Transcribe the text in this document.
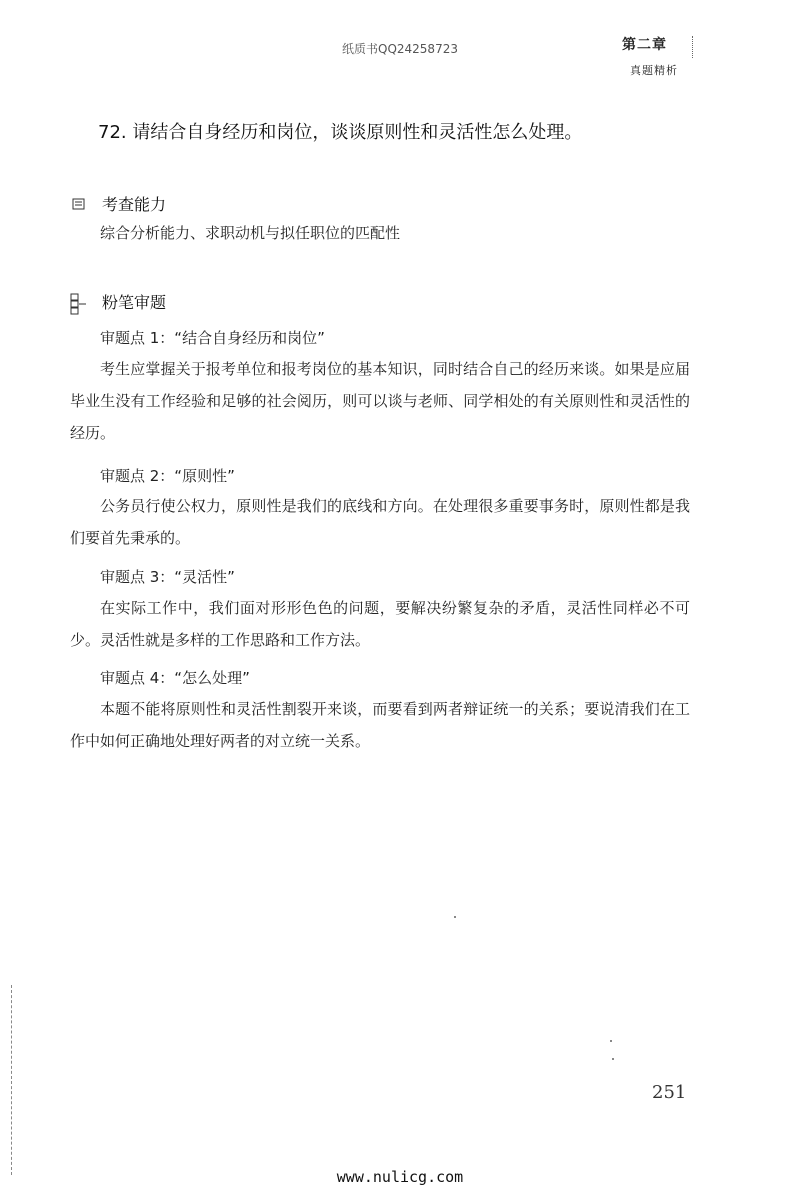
纸质书QQ24258723	第二章
真题精析
72. 请结合自身经历和岗位，谈谈原则性和灵活性怎么处理。
考查能力
综合分析能力、求职动机与拟任职位的匹配性
粉笔审题
审题点 1：“结合自身经历和岗位”
考生应掌握关于报考单位和报考岗位的基本知识，同时结合自己的经历来谈。如果是应届毕业生没有工作经验和足够的社会阅历，则可以谈与老师、同学相处的有关原则性和灵活性的经历。
审题点 2：“原则性”
公务员行使公权力，原则性是我们的底线和方向。在处理很多重要事务时，原则性都是我们要首先秉承的。
审题点 3：“灵活性”
在实际工作中，我们面对形形色色的问题，要解决纷繁复杂的矛盾，灵活性同样必不可少。灵活性就是多样的工作思路和工作方法。
审题点 4：“怎么处理”
本题不能将原则性和灵活性割裂开来谈，而要看到两者辩证统一的关系；要说清我们在工作中如何正确地处理好两者的对立统一关系。
251
www.nulicg.com
